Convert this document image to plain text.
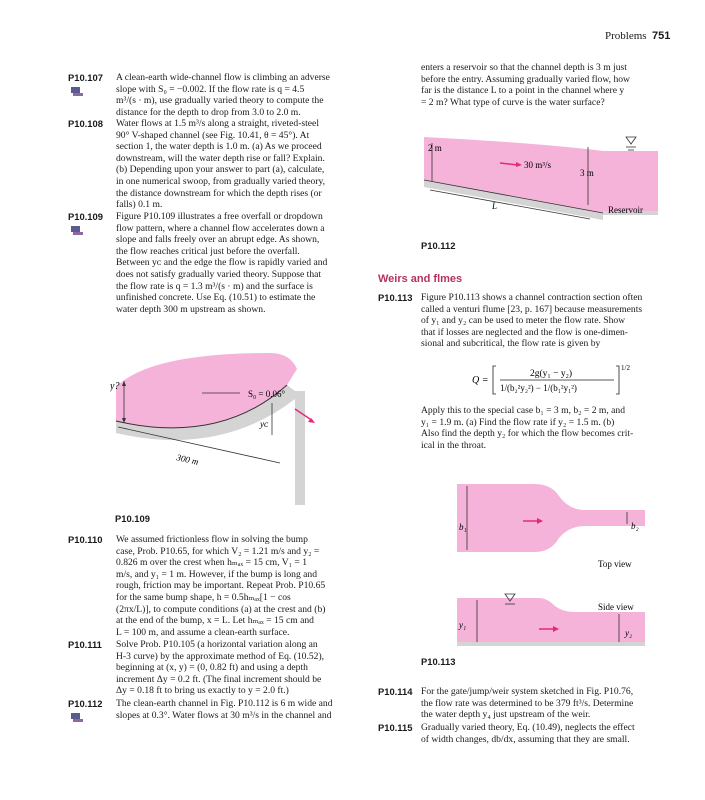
Problems 751
P10.107 A clean-earth wide-channel flow is climbing an adverse

slope with S₀ = −0.002. If the flow rate is q = 4.5

m³/(s · m), use gradually varied theory to compute the

distance for the depth to drop from 3.0 to 2.0 m.

P10.108 Water flows at 1.5 m³/s along a straight, riveted-steel

90° V-shaped channel (see Fig. 10.41, θ = 45°). At

section 1, the water depth is 1.0 m. (a) As we proceed

downstream, will the water depth rise or fall? Explain.

(b) Depending upon your answer to part (a), calculate,

in one numerical swoop, from gradually varied theory,

the distance downstream for which the depth rises (or

falls) 0.1 m.

P10.109 Figure P10.109 illustrates a free overfall or dropdown

flow pattern, where a channel flow accelerates down a

slope and falls freely over an abrupt edge. As shown,

the flow reaches critical just before the overfall.

Between yᴄ and the edge the flow is rapidly varied and

does not satisfy gradually varied theory. Suppose that

the flow rate is q = 1.3 m³/(s · m) and the surface is

unfinished concrete. Use Eq. (10.51) to estimate the

water depth 300 m upstream as shown.

y?
S₀ = 0.06°
yᴄ
300 m
P10.109
P10.110 We assumed frictionless flow in solving the bump

case, Prob. P10.65, for which V₂ = 1.21 m/s and y₂ =

0.826 m over the crest when hₘₐₓ = 15 cm, V₁ = 1

m/s, and y₁ = 1 m. However, if the bump is long and

rough, friction may be important. Repeat Prob. P10.65

for the same bump shape, h = 0.5hₘₐₓ[1 − cos

(2πx/L)], to compute conditions (a) at the crest and (b)

at the end of the bump, x = L. Let hₘₐₓ = 15 cm and

L = 100 m, and assume a clean-earth surface.

P10.111 Solve Prob. P10.105 (a horizontal variation along an

H-3 curve) by the approximate method of Eq. (10.52),

beginning at (x, y) = (0, 0.82 ft) and using a depth

increment Δy = 0.2 ft. (The final increment should be

Δy = 0.18 ft to bring us exactly to y = 2.0 ft.)

P10.112 The clean-earth channel in Fig. P10.112 is 6 m wide and

slopes at 0.3°. Water flows at 30 m³/s in the channel and

enters a reservoir so that the channel depth is 3 m just

before the entry. Assuming gradually varied flow, how

far is the distance L to a point in the channel where y

= 2 m? What type of curve is the water surface?

2 m
30 m³/s
3 m
L	Reservoir
P10.112
Weirs and flmes
P10.113 Figure P10.113 shows a channel contraction section often

called a venturi flume [23, p. 167] because measurements

of y₁ and y₂ can be used to meter the flow rate. Show

that if losses are neglected and the flow is one-dimen-

sional and subcritical, the flow rate is given by

Q =
2g(y₁ − y₂)
1/(b₂²y₂²) − 1/(b₁²y₁²)
1/2

Apply this to the special case b₁ = 3 m, b₂ = 2 m, and

y₁ = 1.9 m. (a) Find the flow rate if y₂ = 1.5 m. (b)

Also find the depth y₂ for which the flow becomes crit-

ical in the throat.

b₁	b₂
Top view
y₁
y₂
Side view
P10.113
P10.114 For the gate/jump/weir system sketched in Fig. P10.76,

the flow rate was determined to be 379 ft³/s. Determine

the water depth y₄ just upstream of the weir.

P10.115 Gradually varied theory, Eq. (10.49), neglects the effect

of width changes, db/dx, assuming that they are small.
